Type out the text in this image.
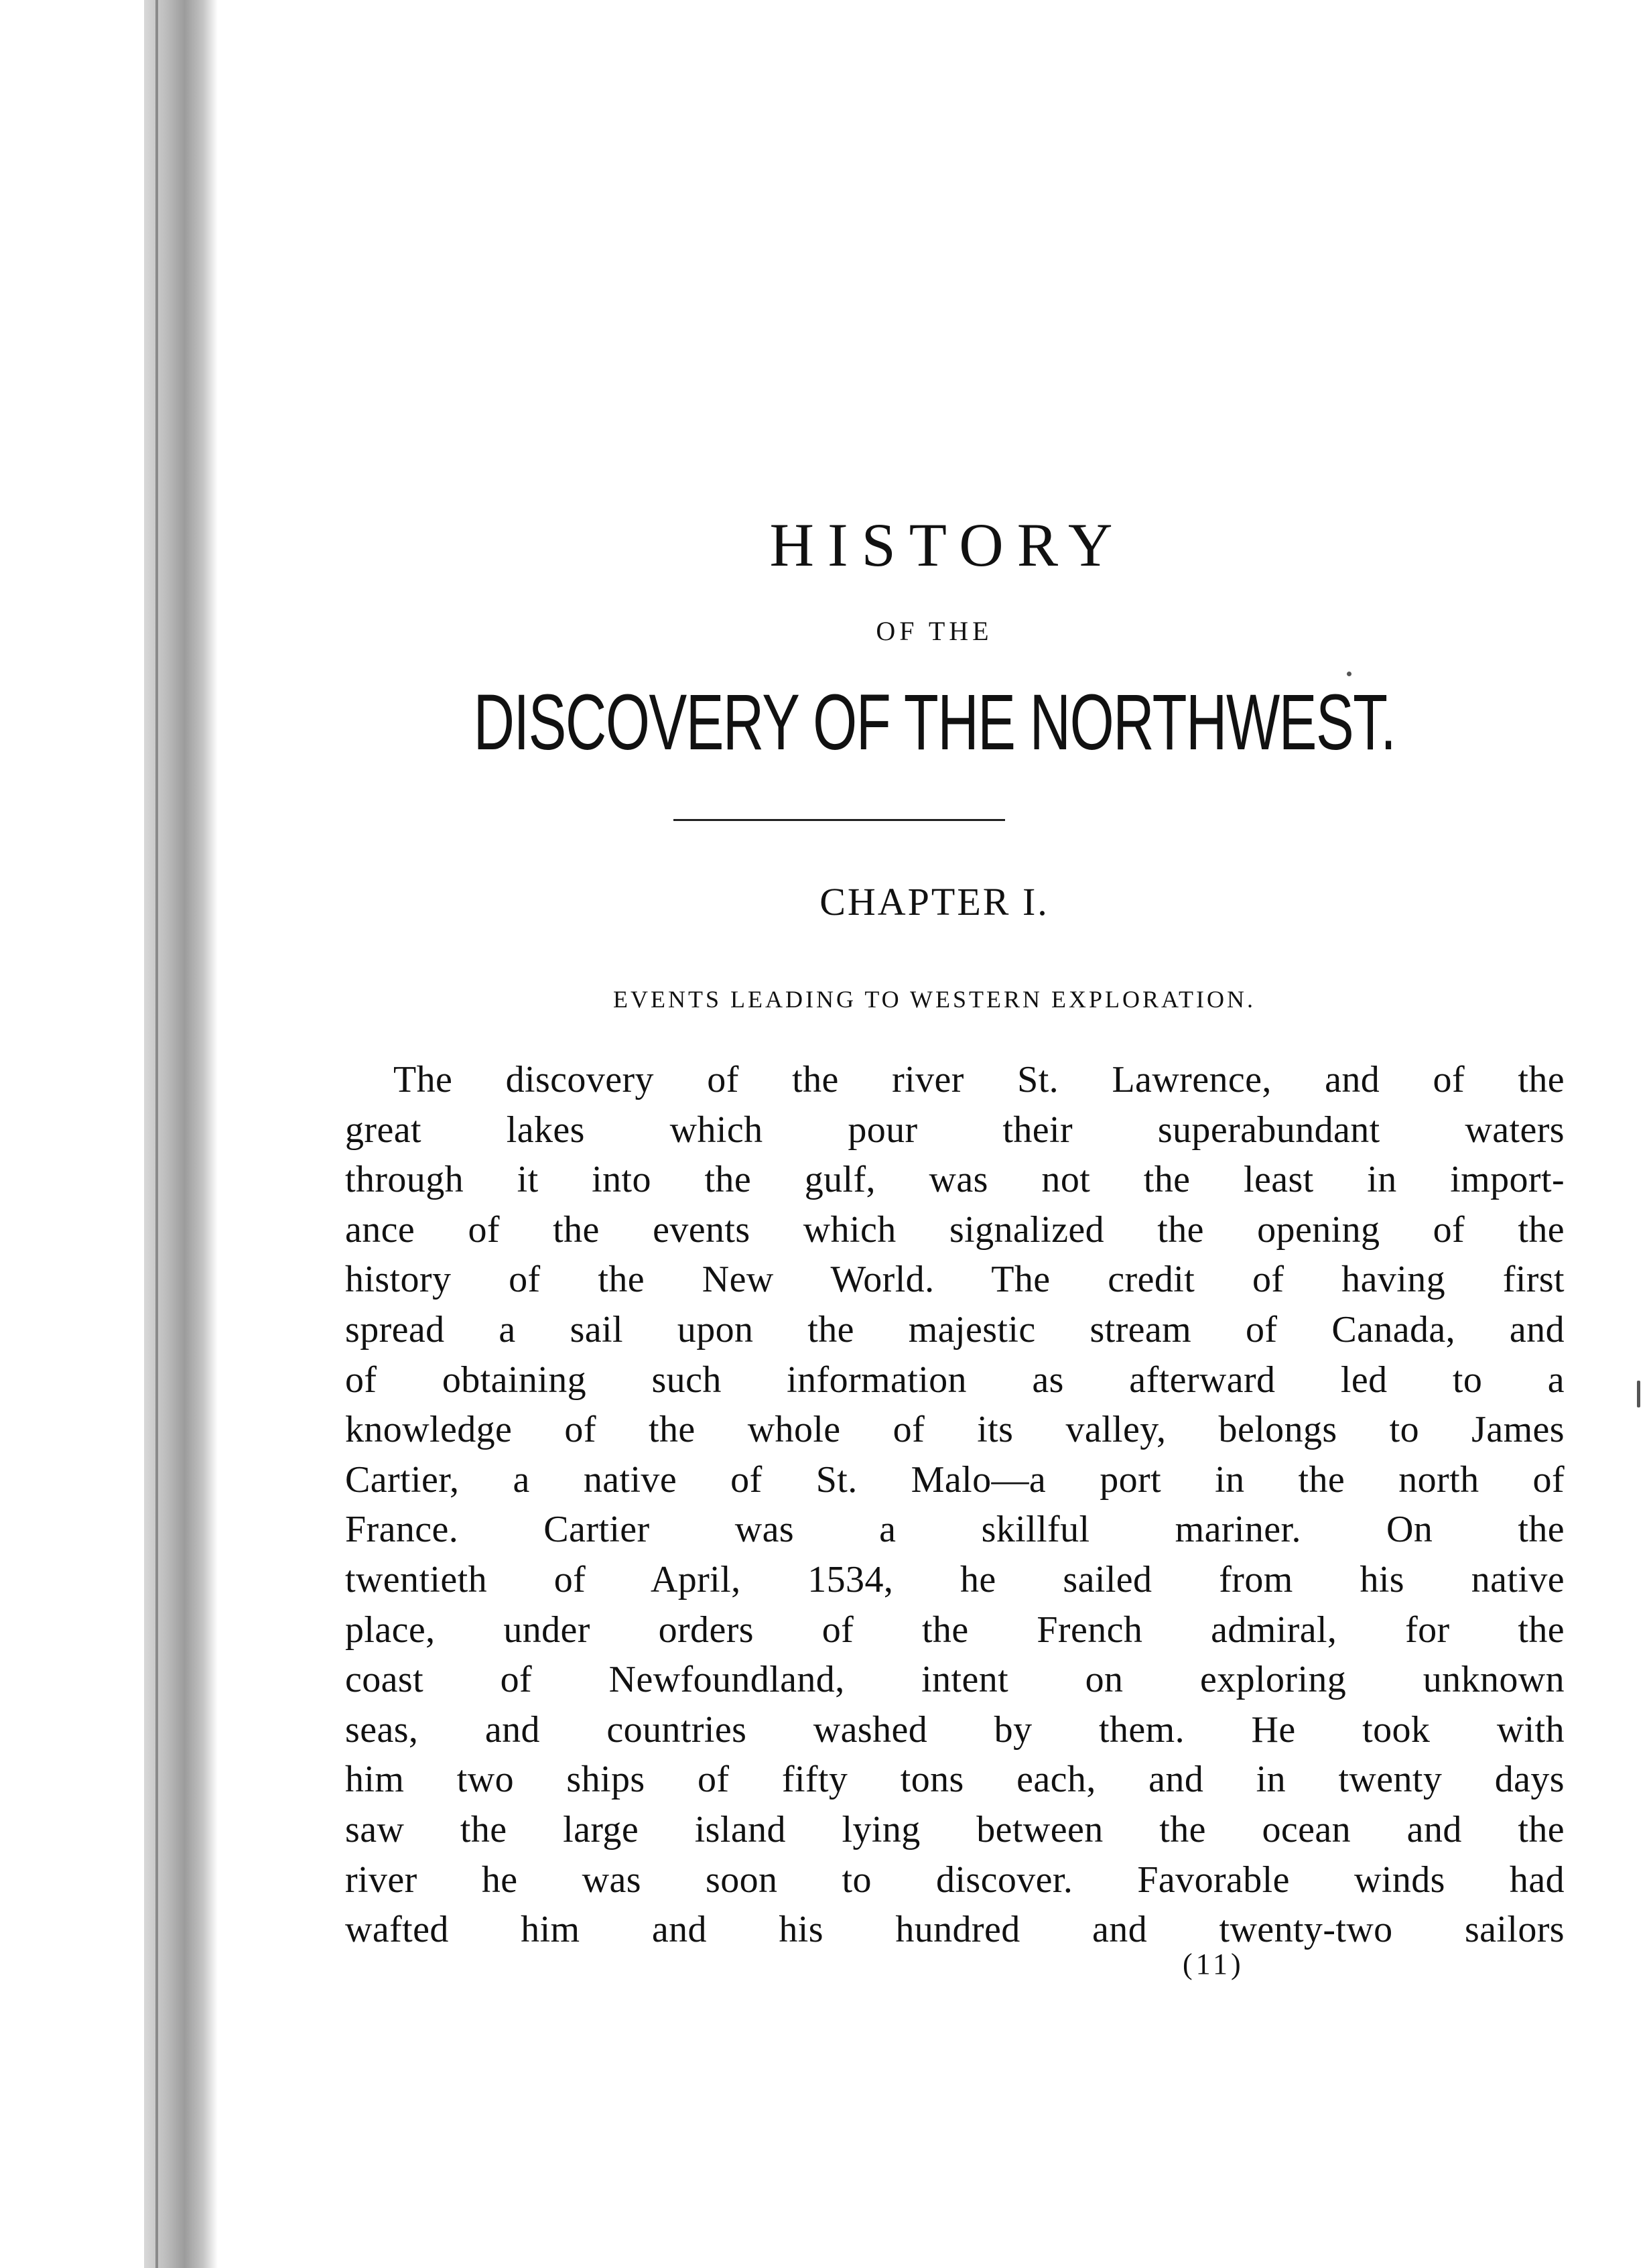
HISTORY
OF THE
DISCOVERY OF THE NORTHWEST.
CHAPTER I.
EVENTS LEADING TO WESTERN EXPLORATION.
The discovery of the river St. Lawrence, and of the
great lakes which pour their superabundant waters
through it into the gulf, was not the least in import-
ance of the events which signalized the opening of the
history of the New World. The credit of having first
spread a sail upon the majestic stream of Canada, and
of obtaining such information as afterward led to a
knowledge of the whole of its valley, belongs to James
Cartier, a native of St. Malo—a port in the north of
France. Cartier was a skillful mariner. On the
twentieth of April, 1534, he sailed from his native
place, under orders of the French admiral, for the
coast of Newfoundland, intent on exploring unknown
seas, and countries washed by them. He took with
him two ships of fifty tons each, and in twenty days
saw the large island lying between the ocean and the
river he was soon to discover. Favorable winds had
wafted him and his hundred and twenty-two sailors
(11)
